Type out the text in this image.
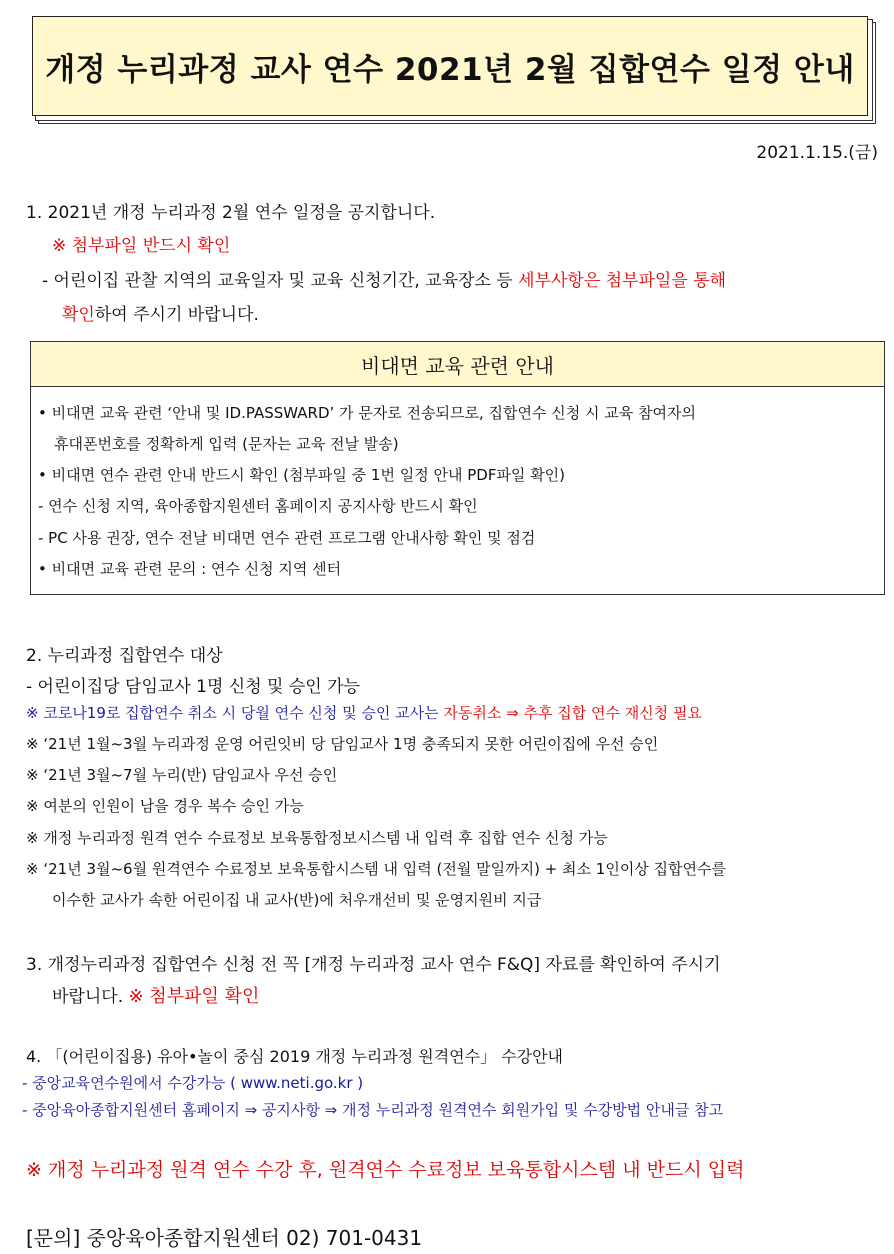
개정 누리과정 교사 연수 2021년 2월 집합연수 일정 안내
2021.1.15.(금)
1. 2021년 개정 누리과정 2월 연수 일정을 공지합니다.
※ 첨부파일 반드시 확인
- 어린이집 관찰 지역의 교육일자 및 교육 신청기간, 교육장소 등 세부사항은 첨부파일을 통해
확인하여 주시기 바랍니다.
비대면 교육 관련 안내
• 비대면 교육 관련 ‘안내 및 ID.PASSWARD’ 가 문자로 전송되므로, 집합연수 신청 시 교육 참여자의
휴대폰번호를 정확하게 입력 (문자는 교육 전날 발송)
• 비대면 연수 관련 안내 반드시 확인 (첨부파일 중 1번 일정 안내 PDF파일 확인)
- 연수 신청 지역, 육아종합지원센터 홈페이지 공지사항 반드시 확인
- PC 사용 권장, 연수 전날 비대면 연수 관련 프로그램 안내사항 확인 및 점검
• 비대면 교육 관련 문의 : 연수 신청 지역 센터
2. 누리과정 집합연수 대상
- 어린이집당 담임교사 1명 신청 및 승인 가능
※ 코로나19로 집합연수 취소 시 당월 연수 신청 및 승인 교사는 자동취소 ⇒ 추후 집합 연수 재신청 필요
※ ‘21년 1월~3월 누리과정 운영 어린잇비 당 담임교사 1명 충족되지 못한 어린이집에 우선 승인
※ ‘21년 3월~7월 누리(반) 담임교사 우선 승인
※ 여분의 인원이 남을 경우 복수 승인 가능
※ 개정 누리과정 원격 연수 수료정보 보육통합정보시스템 내 입력 후 집합 연수 신청 가능
※ ‘21년 3월~6월 원격연수 수료정보 보육통합시스템 내 입력 (전월 말일까지) + 최소 1인이상 집합연수를
이수한 교사가 속한 어린이집 내 교사(반)에 처우개선비 및 운영지원비 지급
3. 개정누리과정 집합연수 신청 전 꼭 [개정 누리과정 교사 연수 F&Q] 자료를 확인하여 주시기
바랍니다. ※ 첨부파일 확인
4. 「(어린이집용) 유아•놀이 중심 2019 개정 누리과정 원격연수」 수강안내
- 중앙교육연수원에서 수강가능 ( www.neti.go.kr )
- 중앙육아종합지원센터 홈페이지 ⇒ 공지사항 ⇒ 개정 누리과정 원격연수 회원가입 및 수강방법 안내글 참고
※ 개정 누리과정 원격 연수 수강 후, 원격연수 수료정보 보육통합시스템 내 반드시 입력
[문의] 중앙육아종합지원센터 02) 701-0431
